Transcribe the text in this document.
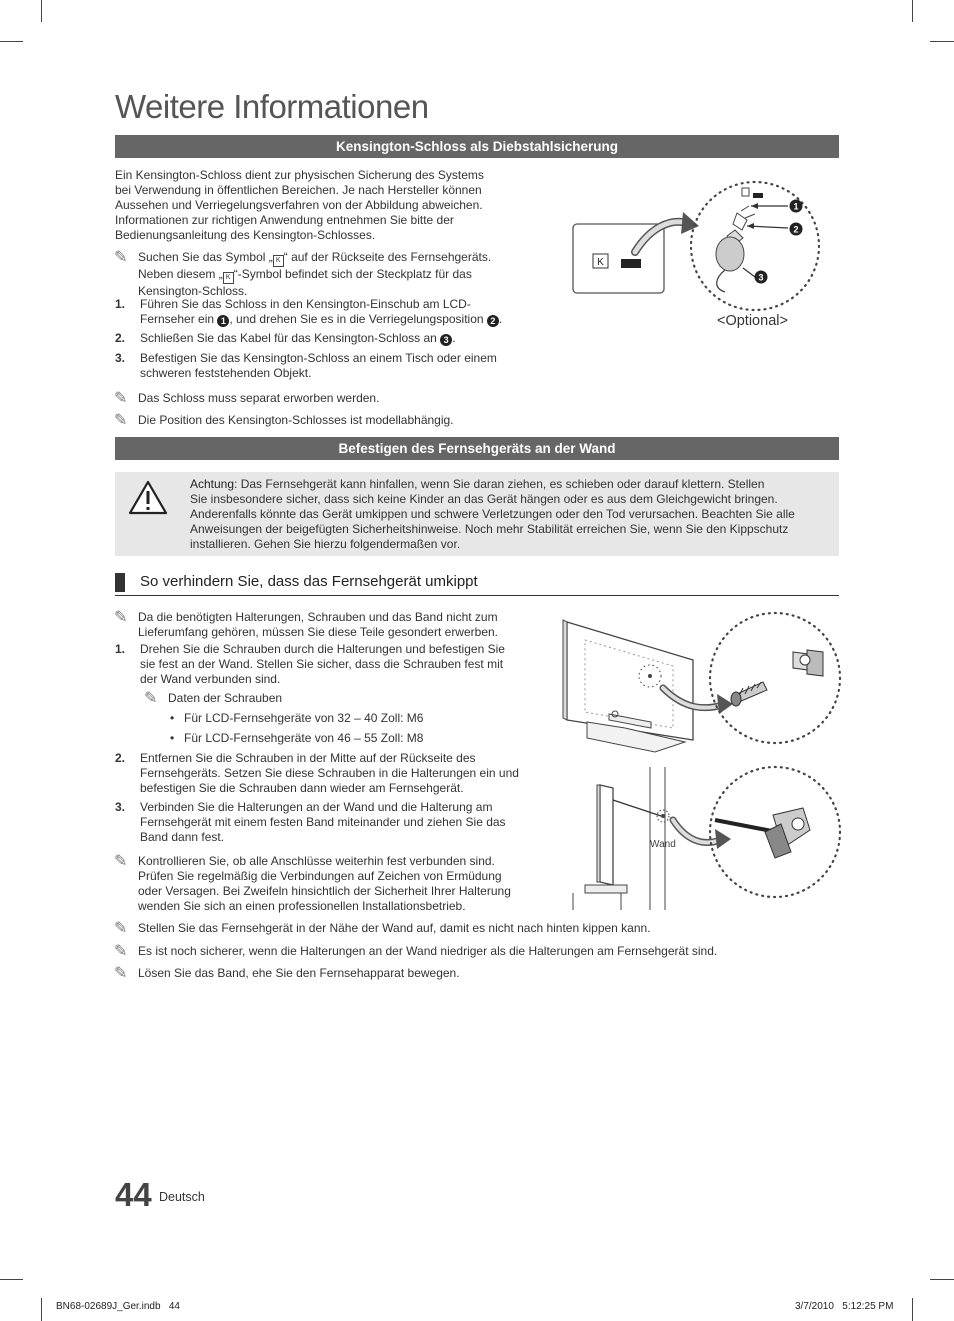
Weitere Informationen
Kensington-Schloss als Diebstahlsicherung
Ein Kensington-Schloss dient zur physischen Sicherung des Systems
bei Verwendung in öffentlichen Bereichen. Je nach Hersteller können
Aussehen und Verriegelungsverfahren von der Abbildung abweichen.
Informationen zur richtigen Anwendung entnehmen Sie bitte der
Bedienungsanleitung des Kensington-Schlosses.
✎ Suchen Sie das Symbol „ K “ auf der Rückseite des Fernsehgeräts.
Neben diesem „ K “-Symbol befindet sich der Steckplatz für das
Kensington-Schloss.
1.	Führen Sie das Schloss in den Kensington-Einschub am LCD-
Fernseher ein 1 , und drehen Sie es in die Verriegelungsposition 2 .
2.	Schließen Sie das Kabel für das Kensington-Schloss an 3 .
3.	Befestigen Sie das Kensington-Schloss an einem Tisch oder einem
schweren feststehenden Objekt.
✎ Das Schloss muss separat erworben werden.
✎ Die Position des Kensington-Schlosses ist modellabhängig.
K
1
2
3
<Optional>
Befestigen des Fernsehgeräts an der Wand
Achtung: Das Fernsehgerät kann hinfallen, wenn Sie daran ziehen, es schieben oder darauf klettern. Stellen
Sie insbesondere sicher, dass sich keine Kinder an das Gerät hängen oder es aus dem Gleichgewicht bringen.
Anderenfalls könnte das Gerät umkippen und schwere Verletzungen oder den Tod verursachen. Beachten Sie alle
Anweisungen der beigefügten Sicherheitshinweise. Noch mehr Stabilität erreichen Sie, wenn Sie den Kippschutz
installieren. Gehen Sie hierzu folgendermaßen vor.
So verhindern Sie, dass das Fernsehgerät umkippt
✎ Da die benötigten Halterungen, Schrauben und das Band nicht zum
Lieferumfang gehören, müssen Sie diese Teile gesondert erwerben.
1.	Drehen Sie die Schrauben durch die Halterungen und befestigen Sie
sie fest an der Wand. Stellen Sie sicher, dass die Schrauben fest mit
der Wand verbunden sind.
✎ Daten der Schrauben
• Für LCD-Fernsehgeräte von 32 – 40 Zoll: M6
• Für LCD-Fernsehgeräte von 46 – 55 Zoll: M8
2.	Entfernen Sie die Schrauben in der Mitte auf der Rückseite des
Fernsehgeräts. Setzen Sie diese Schrauben in die Halterungen ein und
befestigen Sie die Schrauben dann wieder am Fernsehgerät.
3.	Verbinden Sie die Halterungen an der Wand und die Halterung am
Fernsehgerät mit einem festen Band miteinander und ziehen Sie das
Band dann fest.
✎ Kontrollieren Sie, ob alle Anschlüsse weiterhin fest verbunden sind.
Prüfen Sie regelmäßig die Verbindungen auf Zeichen von Ermüdung
oder Versagen. Bei Zweifeln hinsichtlich der Sicherheit Ihrer Halterung
wenden Sie sich an einen professionellen Installationsbetrieb.
✎ Stellen Sie das Fernsehgerät in der Nähe der Wand auf, damit es nicht nach hinten kippen kann.
✎ Es ist noch sicherer, wenn die Halterungen an der Wand niedriger als die Halterungen am Fernsehgerät sind.
✎ Lösen Sie das Band, ehe Sie den Fernsehapparat bewegen.
Wand
44 Deutsch
BN68-02689J_Ger.indb   44	3/7/2010   5:12:25 PM
